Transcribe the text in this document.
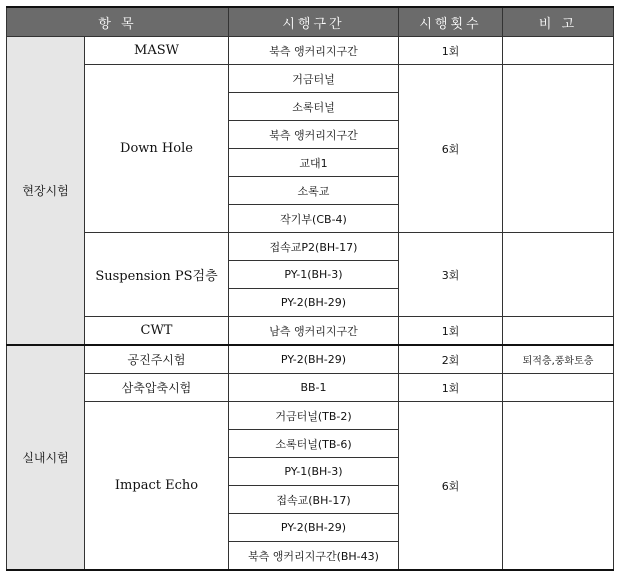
항 목		시행구간	시행횟수	비 고
현장시험	MASW	북측 앵커리지구간	1회	
	Down Hole	거금터널	6회	
		소록터널		
		북측 앵커리지구간		
		교대1		
		소록교		
		작기부(CB-4)		
	Suspension PS검층	접속교P2(BH-17)	3회	
		PY-1(BH-3)		
		PY-2(BH-29)		
	CWT	남측 앵커리지구간	1회	
실내시험	공진주시험	PY-2(BH-29)	2회	퇴적층,풍화토층
	삼축압축시험	BB-1	1회	
	Impact Echo	거금터널(TB-2)	6회	
		소록터널(TB-6)		
		PY-1(BH-3)		
		접속교(BH-17)		
		PY-2(BH-29)		
		북측 앵커리지구간(BH-43)		
